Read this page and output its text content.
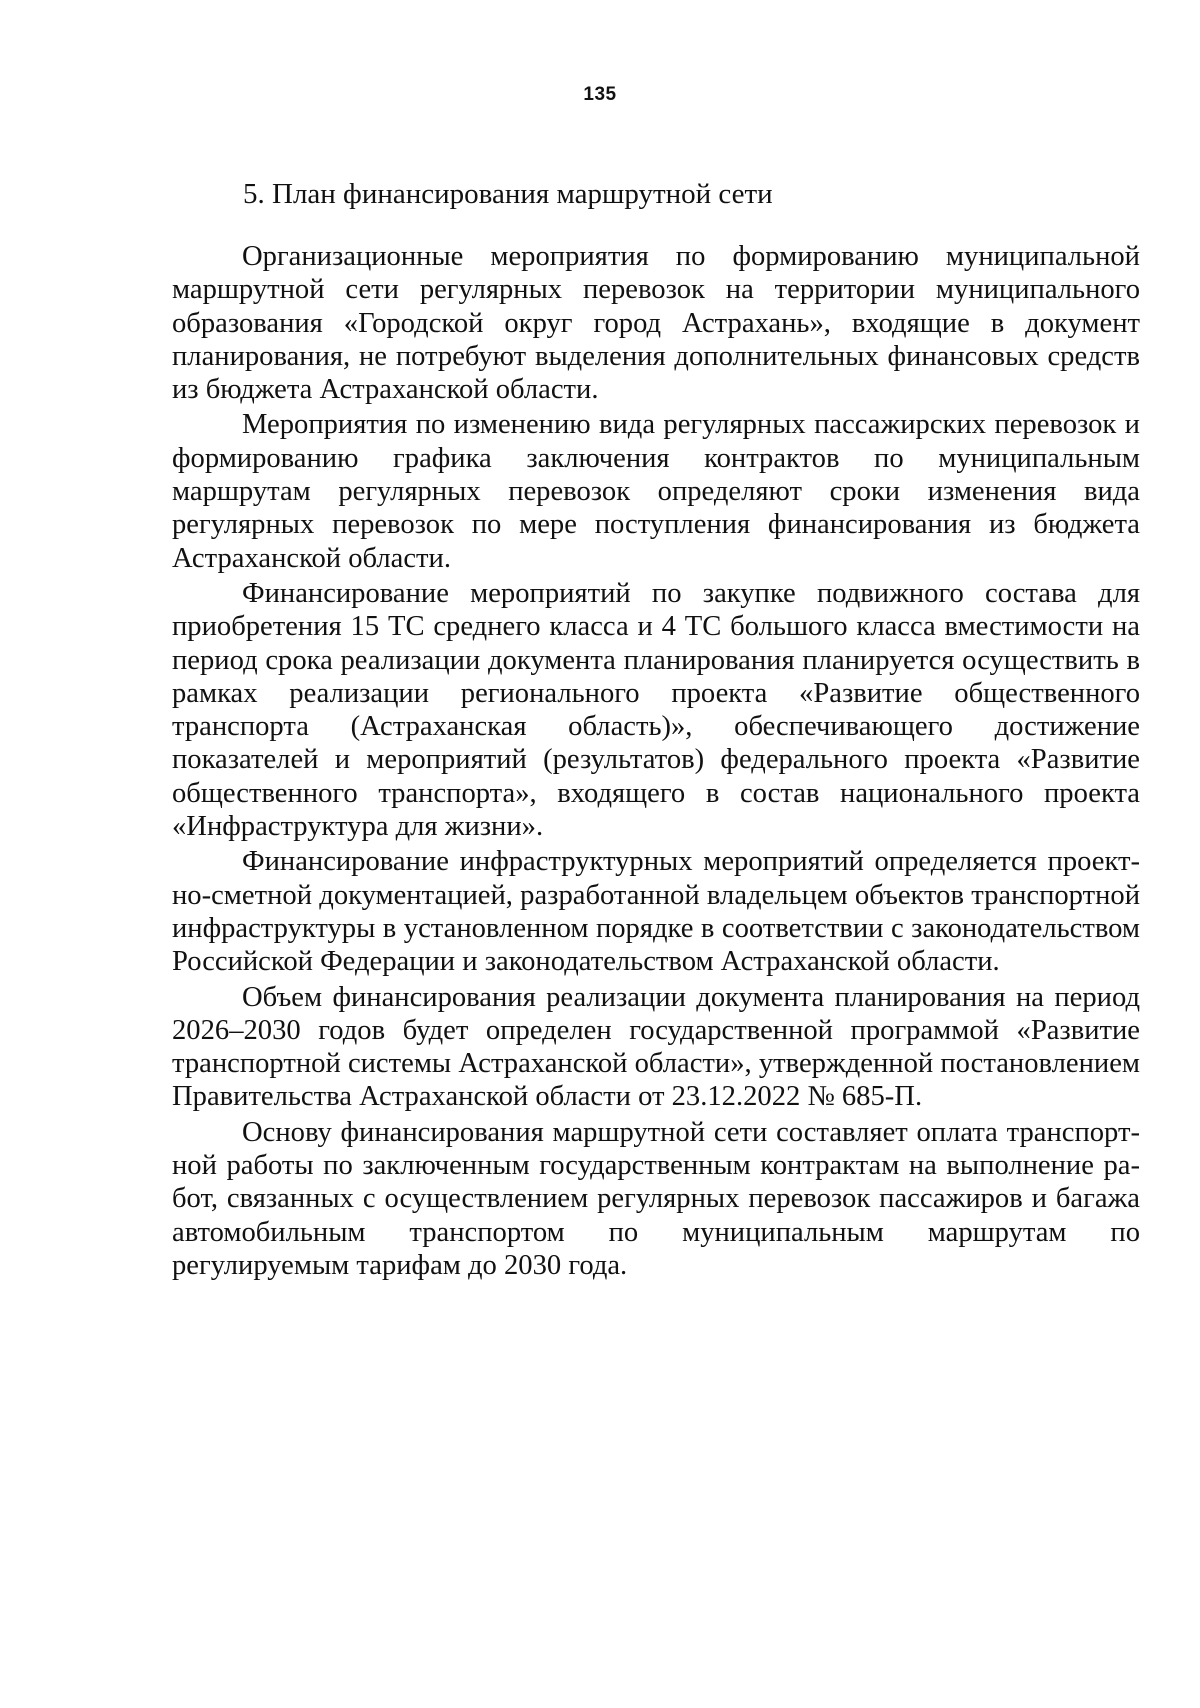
135
5. План финансирования маршрутной сети

Организационные мероприятия по формированию муниципальной маршрутной сети регулярных перевозок на территории муниципального образования «Городской округ город Астрахань», входящие в документ планирования, не потребуют выделения дополнительных финансовых средств из бюджета Астраханской области.

Мероприятия по изменению вида регулярных пассажирских перевозок и формированию графика заключения контрактов по муниципальным маршрутам регулярных перевозок определяют сроки изменения вида регулярных перевозок по мере поступления финансирования из бюджета Астраханской области.

Финансирование мероприятий по закупке подвижного состава для приобретения 15 ТС среднего класса и 4 ТС большого класса вместимости на период срока реализации документа планирования планируется осуществить в рамках реализации регионального проекта «Развитие общественного транспорта (Астраханская область)», обеспечивающего достижение показателей и мероприятий (результатов) федерального проекта «Развитие общественного транспорта», входящего в состав национального проекта «Инфраструктура для жизни».

Финансирование инфраструктурных мероприятий определяется проектно-сметной документацией, разработанной владельцем объектов транспортной инфраструктуры в установленном порядке в соответствии с законодательством Российской Федерации и законодательством Астраханской области.

Объем финансирования реализации документа планирования на период 2026–2030 годов будет определен государственной программой «Развитие транспортной системы Астраханской области», утвержденной постановлением Правительства Астраханской области от 23.12.2022 № 685-П.

Основу финансирования маршрутной сети составляет оплата транспортной работы по заключенным государственным контрактам на выполнение работ, связанных с осуществлением регулярных перевозок пассажиров и багажа автомобильным транспортом по муниципальным маршрутам по регулируемым тарифам до 2030 года.
